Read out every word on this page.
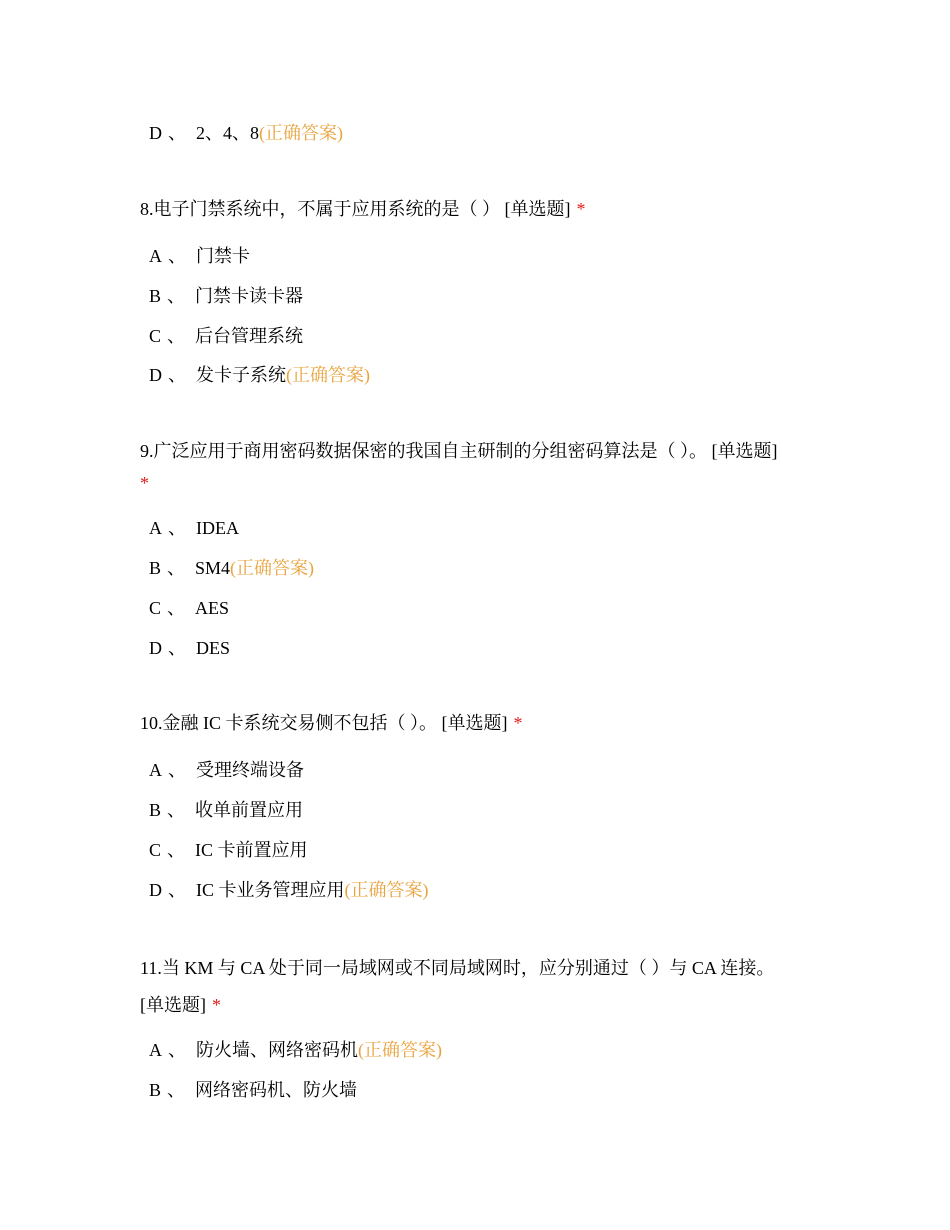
D 、 2、4、8(正确答案)
8.电子门禁系统中，不属于应用系统的是（ ） [单选题] *
A 、 门禁卡
B 、 门禁卡读卡器
C 、 后台管理系统
D 、 发卡子系统(正确答案)
9.广泛应用于商用密码数据保密的我国自主研制的分组密码算法是（ ）。 [单选题]
*
A 、 IDEA
B 、 SM4(正确答案)
C 、 AES
D 、 DES
10.金融 IC 卡系统交易侧不包括（ ）。 [单选题] *
A 、 受理终端设备
B 、 收单前置应用
C 、 IC 卡前置应用
D 、 IC 卡业务管理应用(正确答案)
11.当 KM 与 CA 处于同一局域网或不同局域网时，应分别通过（ ）与 CA 连接。
[单选题] *
A 、 防火墙、网络密码机(正确答案)
B 、 网络密码机、防火墙
